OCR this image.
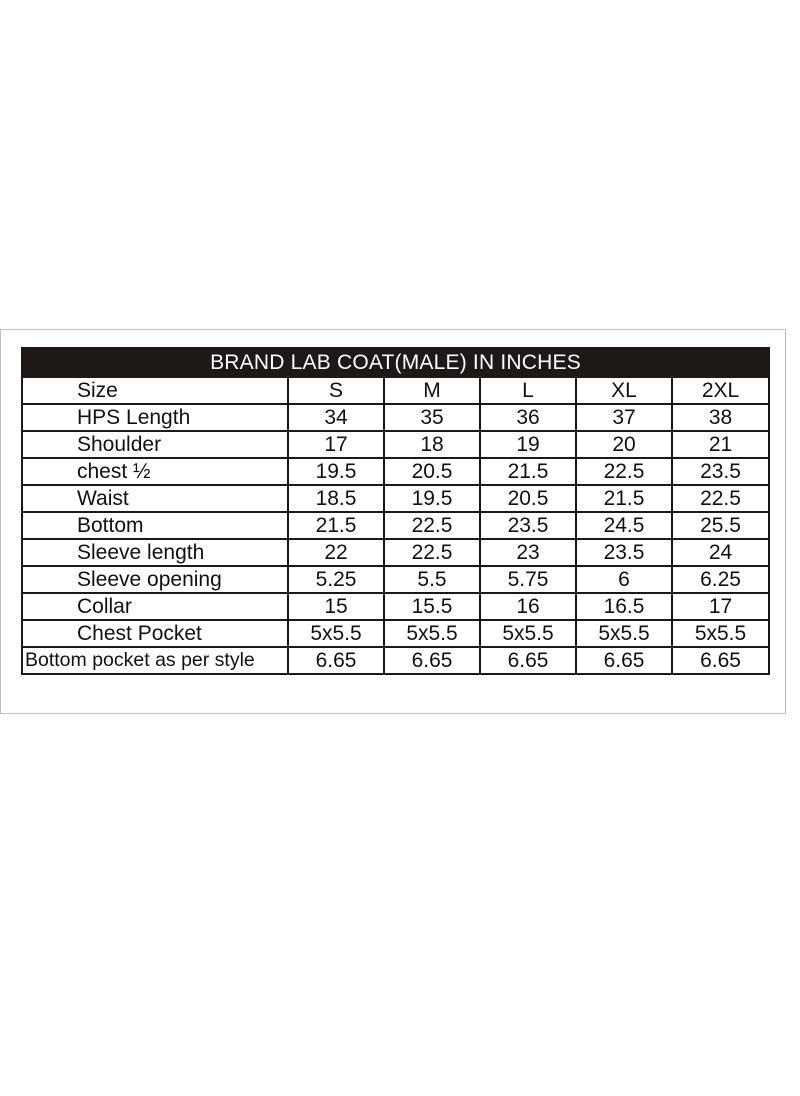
BRAND LAB COAT(MALE) IN INCHES					
Size	S	M	L	XL	2XL
HPS Length	34	35	36	37	38
Shoulder	17	18	19	20	21
chest ½	19.5	20.5	21.5	22.5	23.5
Waist	18.5	19.5	20.5	21.5	22.5
Bottom	21.5	22.5	23.5	24.5	25.5
Sleeve length	22	22.5	23	23.5	24
Sleeve opening	5.25	5.5	5.75	6	6.25
Collar	15	15.5	16	16.5	17
Chest Pocket	5x5.5	5x5.5	5x5.5	5x5.5	5x5.5
Bottom pocket as per style	6.65	6.65	6.65	6.65	6.65
